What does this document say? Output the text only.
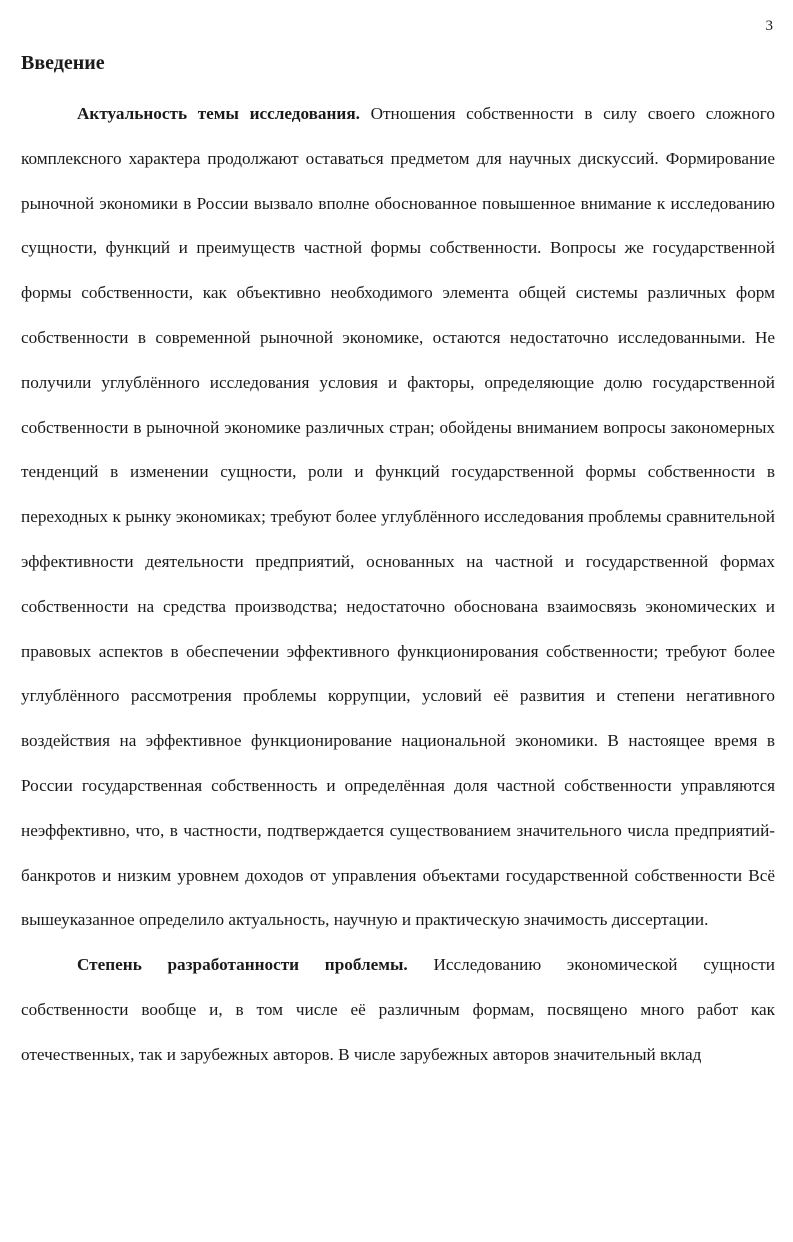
3
Введение

Актуальность темы исследования. Отношения собственности в силу своего сложного комплексного характера продолжают оставаться предметом для научных дискуссий. Формирование рыночной экономики в России вызвало вполне обоснованное повышенное внимание к исследованию сущности, функций и преимуществ частной формы собственности. Вопросы же государственной формы собственности, как объективно необходимого элемента общей системы различных форм собственности в современной рыночной экономике, остаются недостаточно исследованными. Не получили углублённого исследования условия и факторы, определяющие долю государственной собственности в рыночной экономике различных стран; обойдены вниманием вопросы закономерных тенденций в изменении сущности, роли и функций государственной формы собственности в переходных к рынку экономиках; требуют более углублённого исследования проблемы сравнительной эффективности деятельности предприятий, основанных на частной и государственной формах собственности на средства производства; недостаточно обоснована взаимосвязь экономических и правовых аспектов в обеспечении эффективного функционирования собственности; требуют более углублённого рассмотрения проблемы коррупции, условий её развития и степени негативного воздействия на эффективное функционирование национальной экономики. В настоящее время в России государственная собственность и определённая доля частной собственности управляются неэффективно, что, в частности, подтверждается существованием значительного числа предприятий-банкротов и низким уровнем доходов от управления объектами государственной собственности Всё вышеуказанное определило актуальность, научную и практическую значимость диссертации.

Степень разработанности проблемы. Исследованию экономической сущности собственности вообще и, в том числе её различным формам, посвящено много работ как отечественных, так и зарубежных авторов. В числе зарубежных авторов значительный вклад
